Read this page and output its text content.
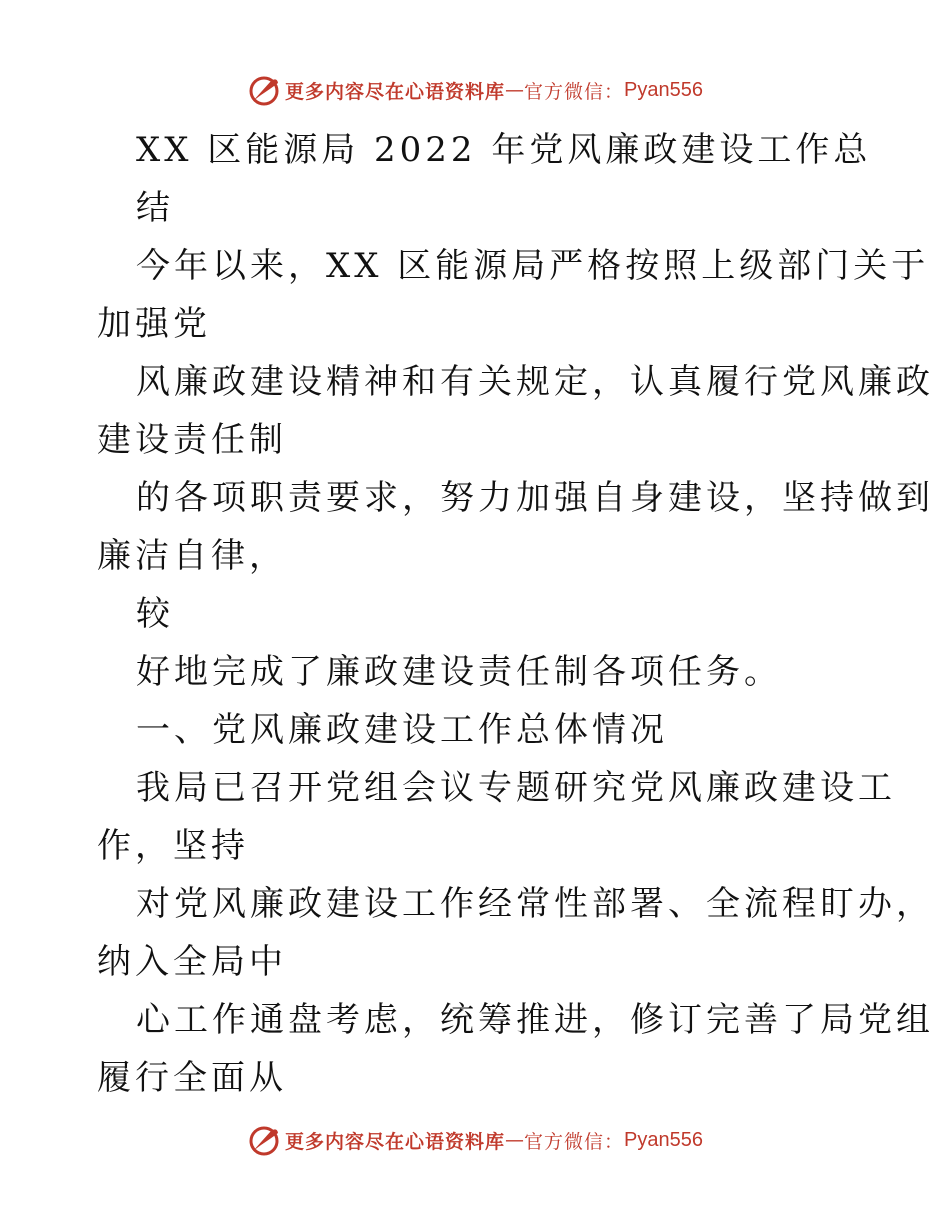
更多内容尽在心语资料库 — 官方微信： Pyan556
XX 区能源局 2022 年党风廉政建设工作总
结
今年以来，XX 区能源局严格按照上级部门关于
加强党
风廉政建设精神和有关规定，认真履行党风廉政
建设责任制
的各项职责要求，努力加强自身建设，坚持做到
廉洁自律，
较
好地完成了廉政建设责任制各项任务。
一、党风廉政建设工作总体情况
我局已召开党组会议专题研究党风廉政建设工
作，坚持
对党风廉政建设工作经常性部署、全流程盯办，
纳入全局中
心工作通盘考虑，统筹推进，修订完善了局党组
履行全面从
更多内容尽在心语资料库 — 官方微信： Pyan556
